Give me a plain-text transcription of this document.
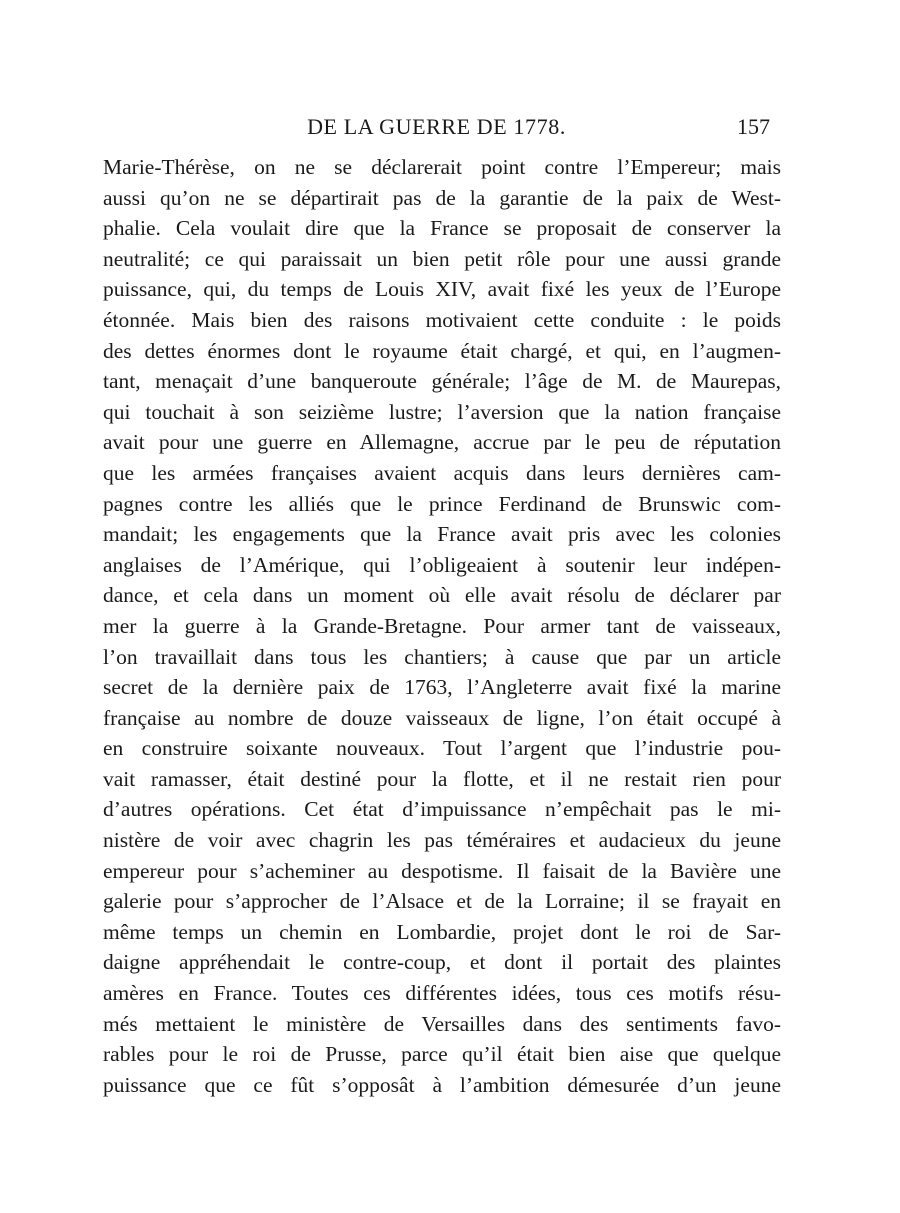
DE LA GUERRE DE 1778.	157
Marie-Thérèse, on ne se déclarerait point contre l’Empereur; mais
aussi qu’on ne se départirait pas de la garantie de la paix de West-
phalie. Cela voulait dire que la France se proposait de conserver la
neutralité; ce qui paraissait un bien petit rôle pour une aussi grande
puissance, qui, du temps de Louis XIV, avait fixé les yeux de l’Europe
étonnée. Mais bien des raisons motivaient cette conduite : le poids
des dettes énormes dont le royaume était chargé, et qui, en l’augmen-
tant, menaçait d’une banqueroute générale; l’âge de M. de Maurepas,
qui touchait à son seizième lustre; l’aversion que la nation française
avait pour une guerre en Allemagne, accrue par le peu de réputation
que les armées françaises avaient acquis dans leurs dernières cam-
pagnes contre les alliés que le prince Ferdinand de Brunswic com-
mandait; les engagements que la France avait pris avec les colonies
anglaises de l’Amérique, qui l’obligeaient à soutenir leur indépen-
dance, et cela dans un moment où elle avait résolu de déclarer par
mer la guerre à la Grande-Bretagne. Pour armer tant de vaisseaux,
l’on travaillait dans tous les chantiers; à cause que par un article
secret de la dernière paix de 1763, l’Angleterre avait fixé la marine
française au nombre de douze vaisseaux de ligne, l’on était occupé à
en construire soixante nouveaux. Tout l’argent que l’industrie pou-
vait ramasser, était destiné pour la flotte, et il ne restait rien pour
d’autres opérations. Cet état d’impuissance n’empêchait pas le mi-
nistère de voir avec chagrin les pas téméraires et audacieux du jeune
empereur pour s’acheminer au despotisme. Il faisait de la Bavière une
galerie pour s’approcher de l’Alsace et de la Lorraine; il se frayait en
même temps un chemin en Lombardie, projet dont le roi de Sar-
daigne appréhendait le contre-coup, et dont il portait des plaintes
amères en France. Toutes ces différentes idées, tous ces motifs résu-
més mettaient le ministère de Versailles dans des sentiments favo-
rables pour le roi de Prusse, parce qu’il était bien aise que quelque
puissance que ce fût s’opposât à l’ambition démesurée d’un jeune
